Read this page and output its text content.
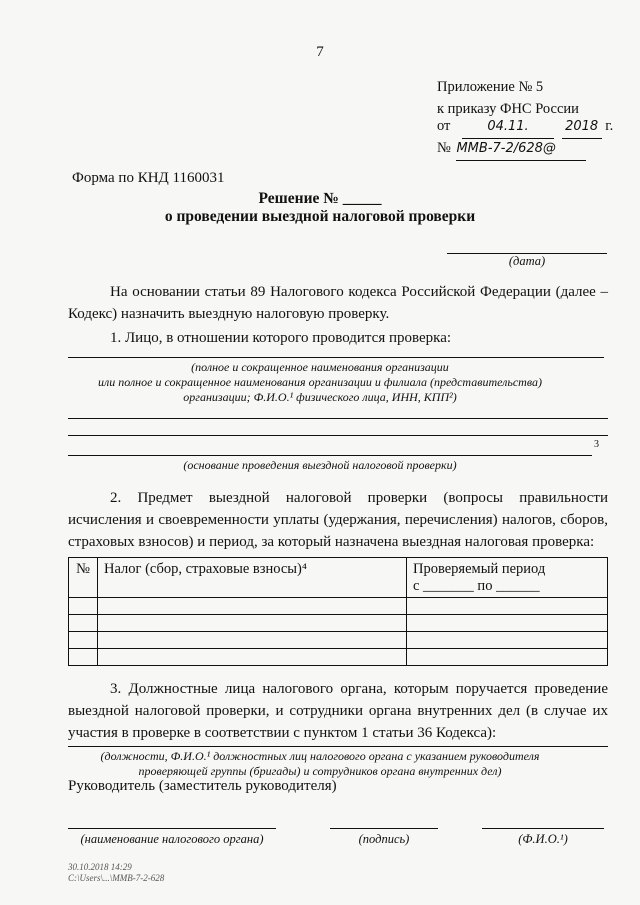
7
Приложение № 5
к приказу ФНС России
от	04.11.	2018 г.
№ ММВ-7-2/628@
Форма по КНД 1160031
Решение № _____
о проведении выездной налоговой проверки
(дата)
На основании статьи 89 Налогового кодекса Российской Федерации (далее – Кодекс) назначить выездную налоговую проверку.
1. Лицо, в отношении которого проводится проверка:
(полное и сокращенное наименования организации
или полное и сокращенное наименования организации и филиала (представительства)
организации; Ф.И.О.¹ физического лица, ИНН, КПП²)
3
(основание проведения выездной налоговой проверки)
2. Предмет выездной налоговой проверки (вопросы правильности исчисления и своевременности уплаты (удержания, перечисления) налогов, сборов, страховых взносов) и период, за который назначена выездная налоговая проверка:
№	Налог (сбор, страховые взносы)⁴	Проверяемый период
с _______ по ______

3. Должностные лица налогового органа, которым поручается проведение выездной налоговой проверки, и сотрудники органа внутренних дел (в случае их участия в проверке в соответствии с пунктом 1 статьи 36 Кодекса):
(должности, Ф.И.О.¹ должностных лиц налогового органа с указанием руководителя
проверяющей группы (бригады) и сотрудников органа внутренних дел)
Руководитель (заместитель руководителя)
(наименование налогового органа)	(подпись)	(Ф.И.О.¹)
30.10.2018 14:29
С:\Users\...\ММВ-7-2-628
